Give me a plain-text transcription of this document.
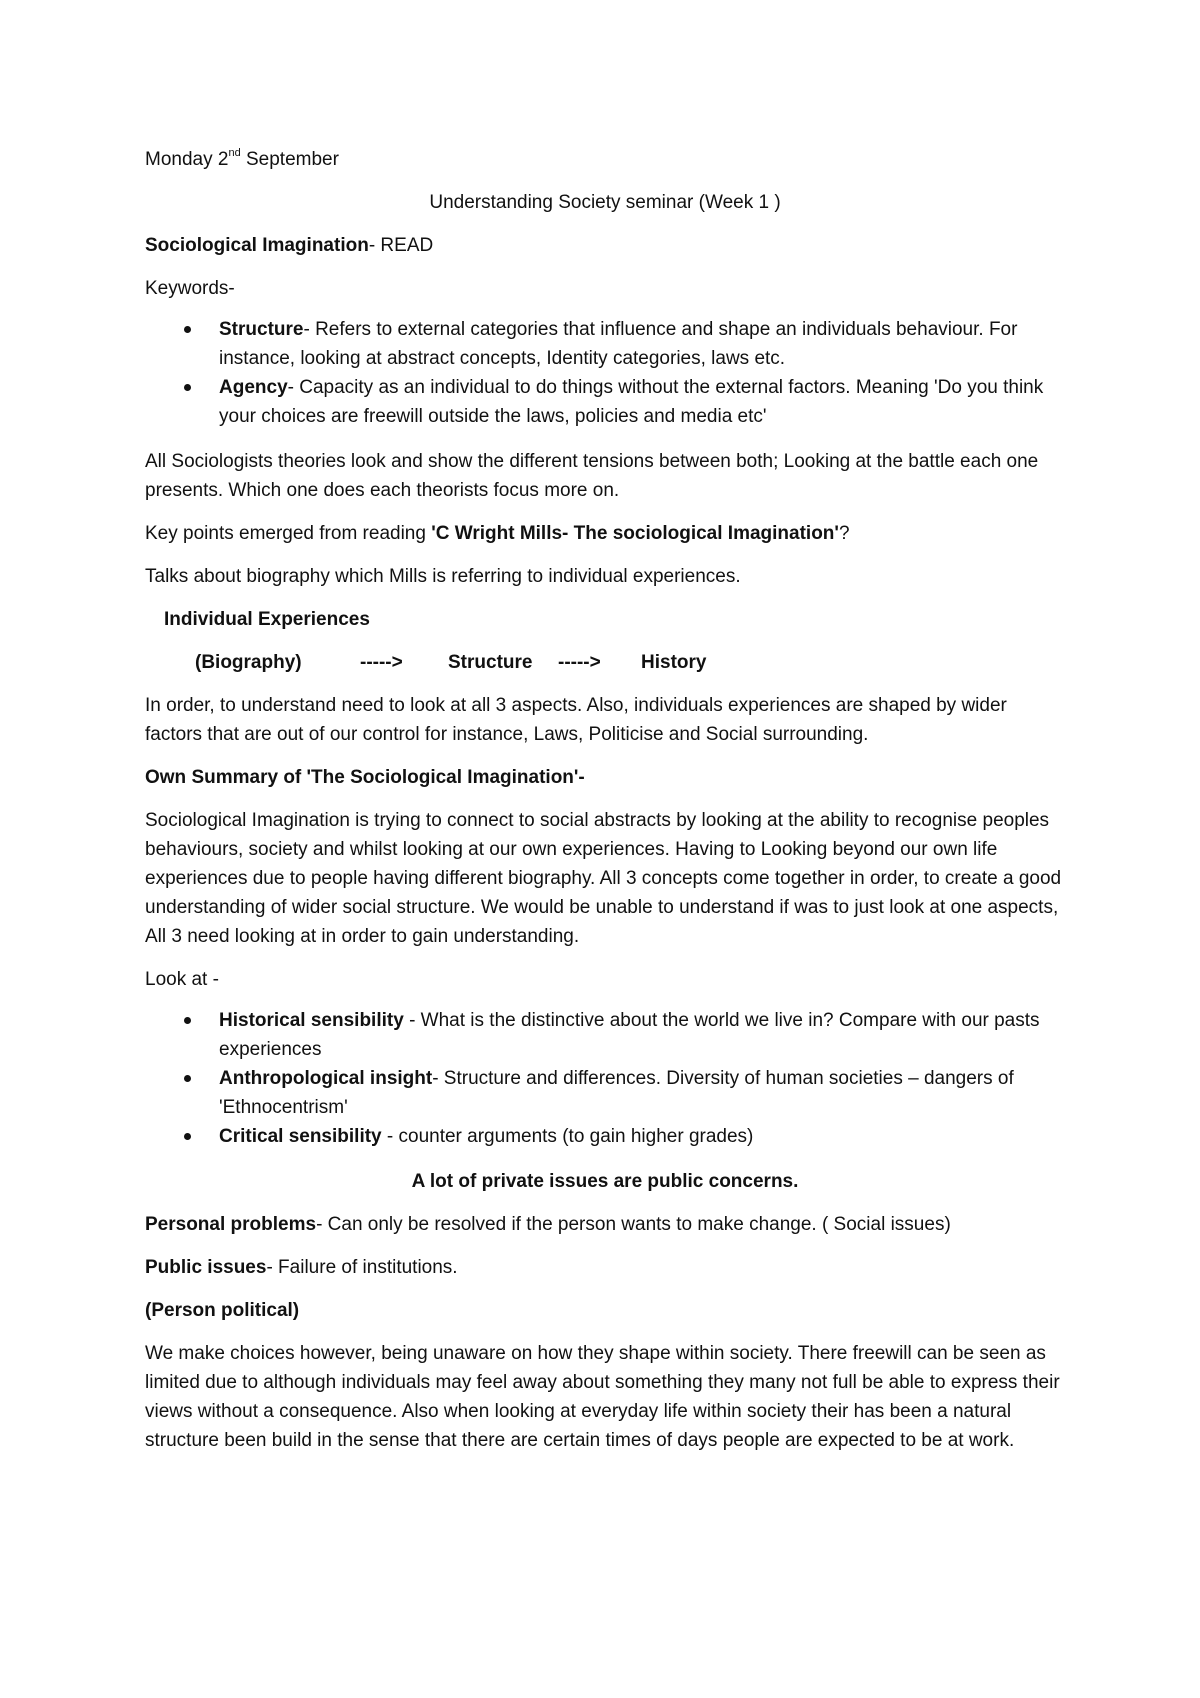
Monday 2nd September

Understanding Society seminar (Week 1 )

Sociological Imagination- READ

Keywords-

Structure- Refers to external categories that influence and shape an individuals behaviour. For instance, looking at abstract concepts, Identity categories, laws etc.
Agency- Capacity as an individual to do things without the external factors. Meaning 'Do you think your choices are freewill outside the laws, policies and media etc'

All Sociologists theories look and show the different tensions between both; Looking at the battle each one presents. Which one does each theorists focus more on.

Key points emerged from reading 'C Wright Mills- The sociological Imagination'?

Talks about biography which Mills is referring to individual experiences.

Individual Experiences

(Biography)	-----> Structure -----> History

In order, to understand need to look at all 3 aspects. Also, individuals experiences are shaped by wider factors that are out of our control for instance, Laws, Politicise and Social surrounding.

Own Summary of 'The Sociological Imagination'-

Sociological Imagination is trying to connect to social abstracts by looking at the ability to recognise peoples behaviours, society and whilst looking at our own experiences. Having to Looking beyond our own life experiences due to people having different biography. All 3 concepts come together in order, to create a good understanding of wider social structure. We would be unable to understand if was to just look at one aspects, All 3 need looking at in order to gain understanding.

Look at -

Historical sensibility - What is the distinctive about the world we live in? Compare with our pasts experiences
Anthropological insight- Structure and differences. Diversity of human societies – dangers of 'Ethnocentrism'
Critical sensibility - counter arguments (to gain higher grades)

A lot of private issues are public concerns.

Personal problems- Can only be resolved if the person wants to make change. ( Social issues)

Public issues- Failure of institutions.

(Person political)

We make choices however, being unaware on how they shape within society. There freewill can be seen as limited due to although individuals may feel away about something they many not full be able to express their views without a consequence. Also when looking at everyday life within society their has been a natural structure been build in the sense that there are certain times of days people are expected to be at work.
